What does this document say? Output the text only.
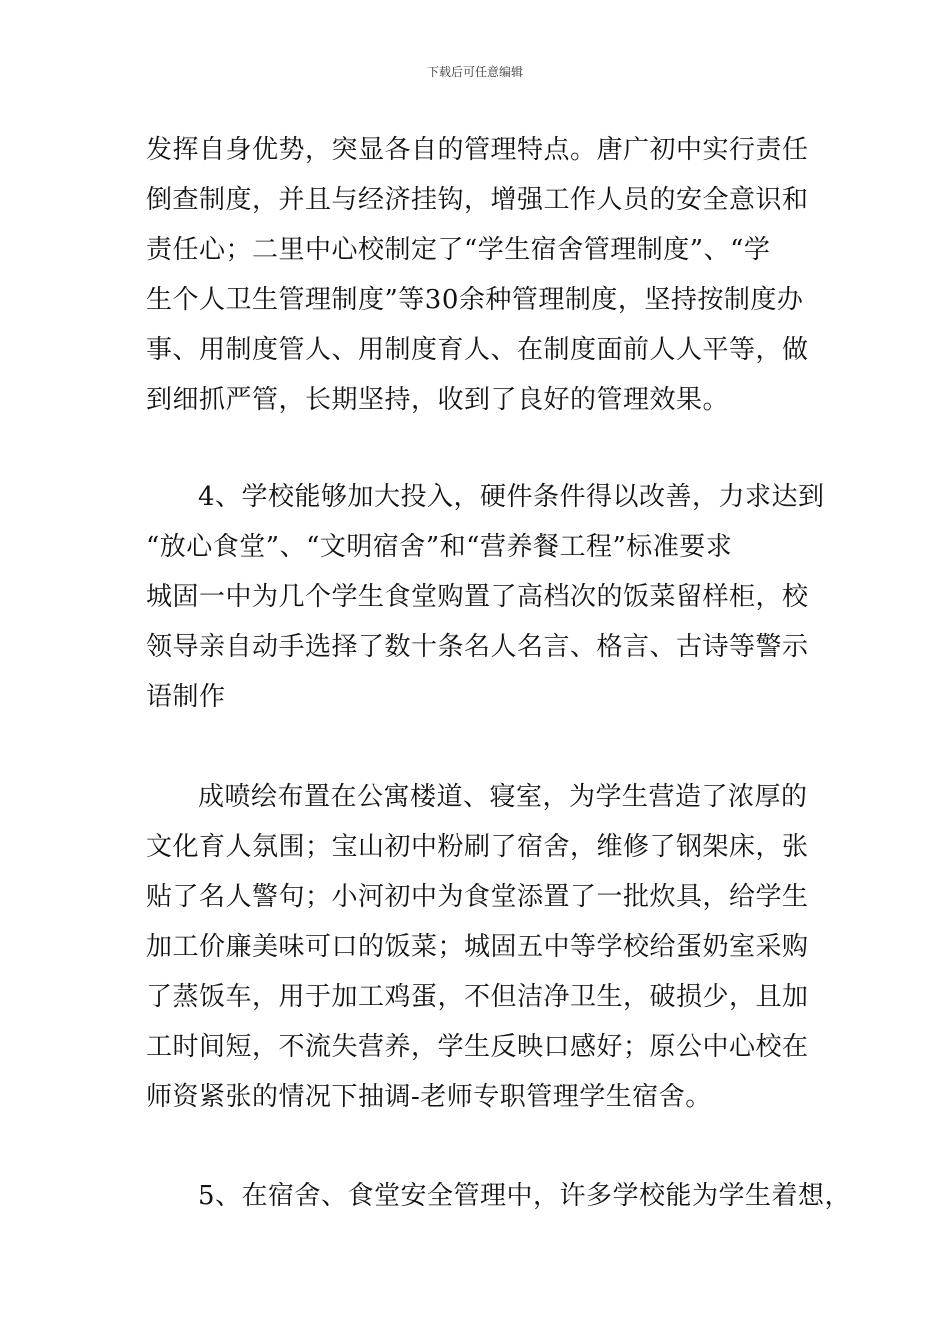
下载后可任意编辑
发挥自身优势，突显各自的管理特点。唐广初中实行责任
倒查制度，并且与经济挂钩，增强工作人员的安全意识和
责任心；二里中心校制定了“学生宿舍管理制度”、“学
生个人卫生管理制度”等30余种管理制度，坚持按制度办
事、用制度管人、用制度育人、在制度面前人人平等，做
到细抓严管，长期坚持，收到了良好的管理效果。
4、学校能够加大投入，硬件条件得以改善，力求达到
“放心食堂”、“文明宿舍”和“营养餐工程”标准要求
城固一中为几个学生食堂购置了高档次的饭菜留样柜，校
领导亲自动手选择了数十条名人名言、格言、古诗等警示
语制作
成喷绘布置在公寓楼道、寝室，为学生营造了浓厚的
文化育人氛围；宝山初中粉刷了宿舍，维修了钢架床，张
贴了名人警句；小河初中为食堂添置了一批炊具，给学生
加工价廉美味可口的饭菜；城固五中等学校给蛋奶室采购
了蒸饭车，用于加工鸡蛋，不但洁净卫生，破损少，且加
工时间短，不流失营养，学生反映口感好；原公中心校在
师资紧张的情况下抽调-老师专职管理学生宿舍。
5、在宿舍、食堂安全管理中，许多学校能为学生着想，
